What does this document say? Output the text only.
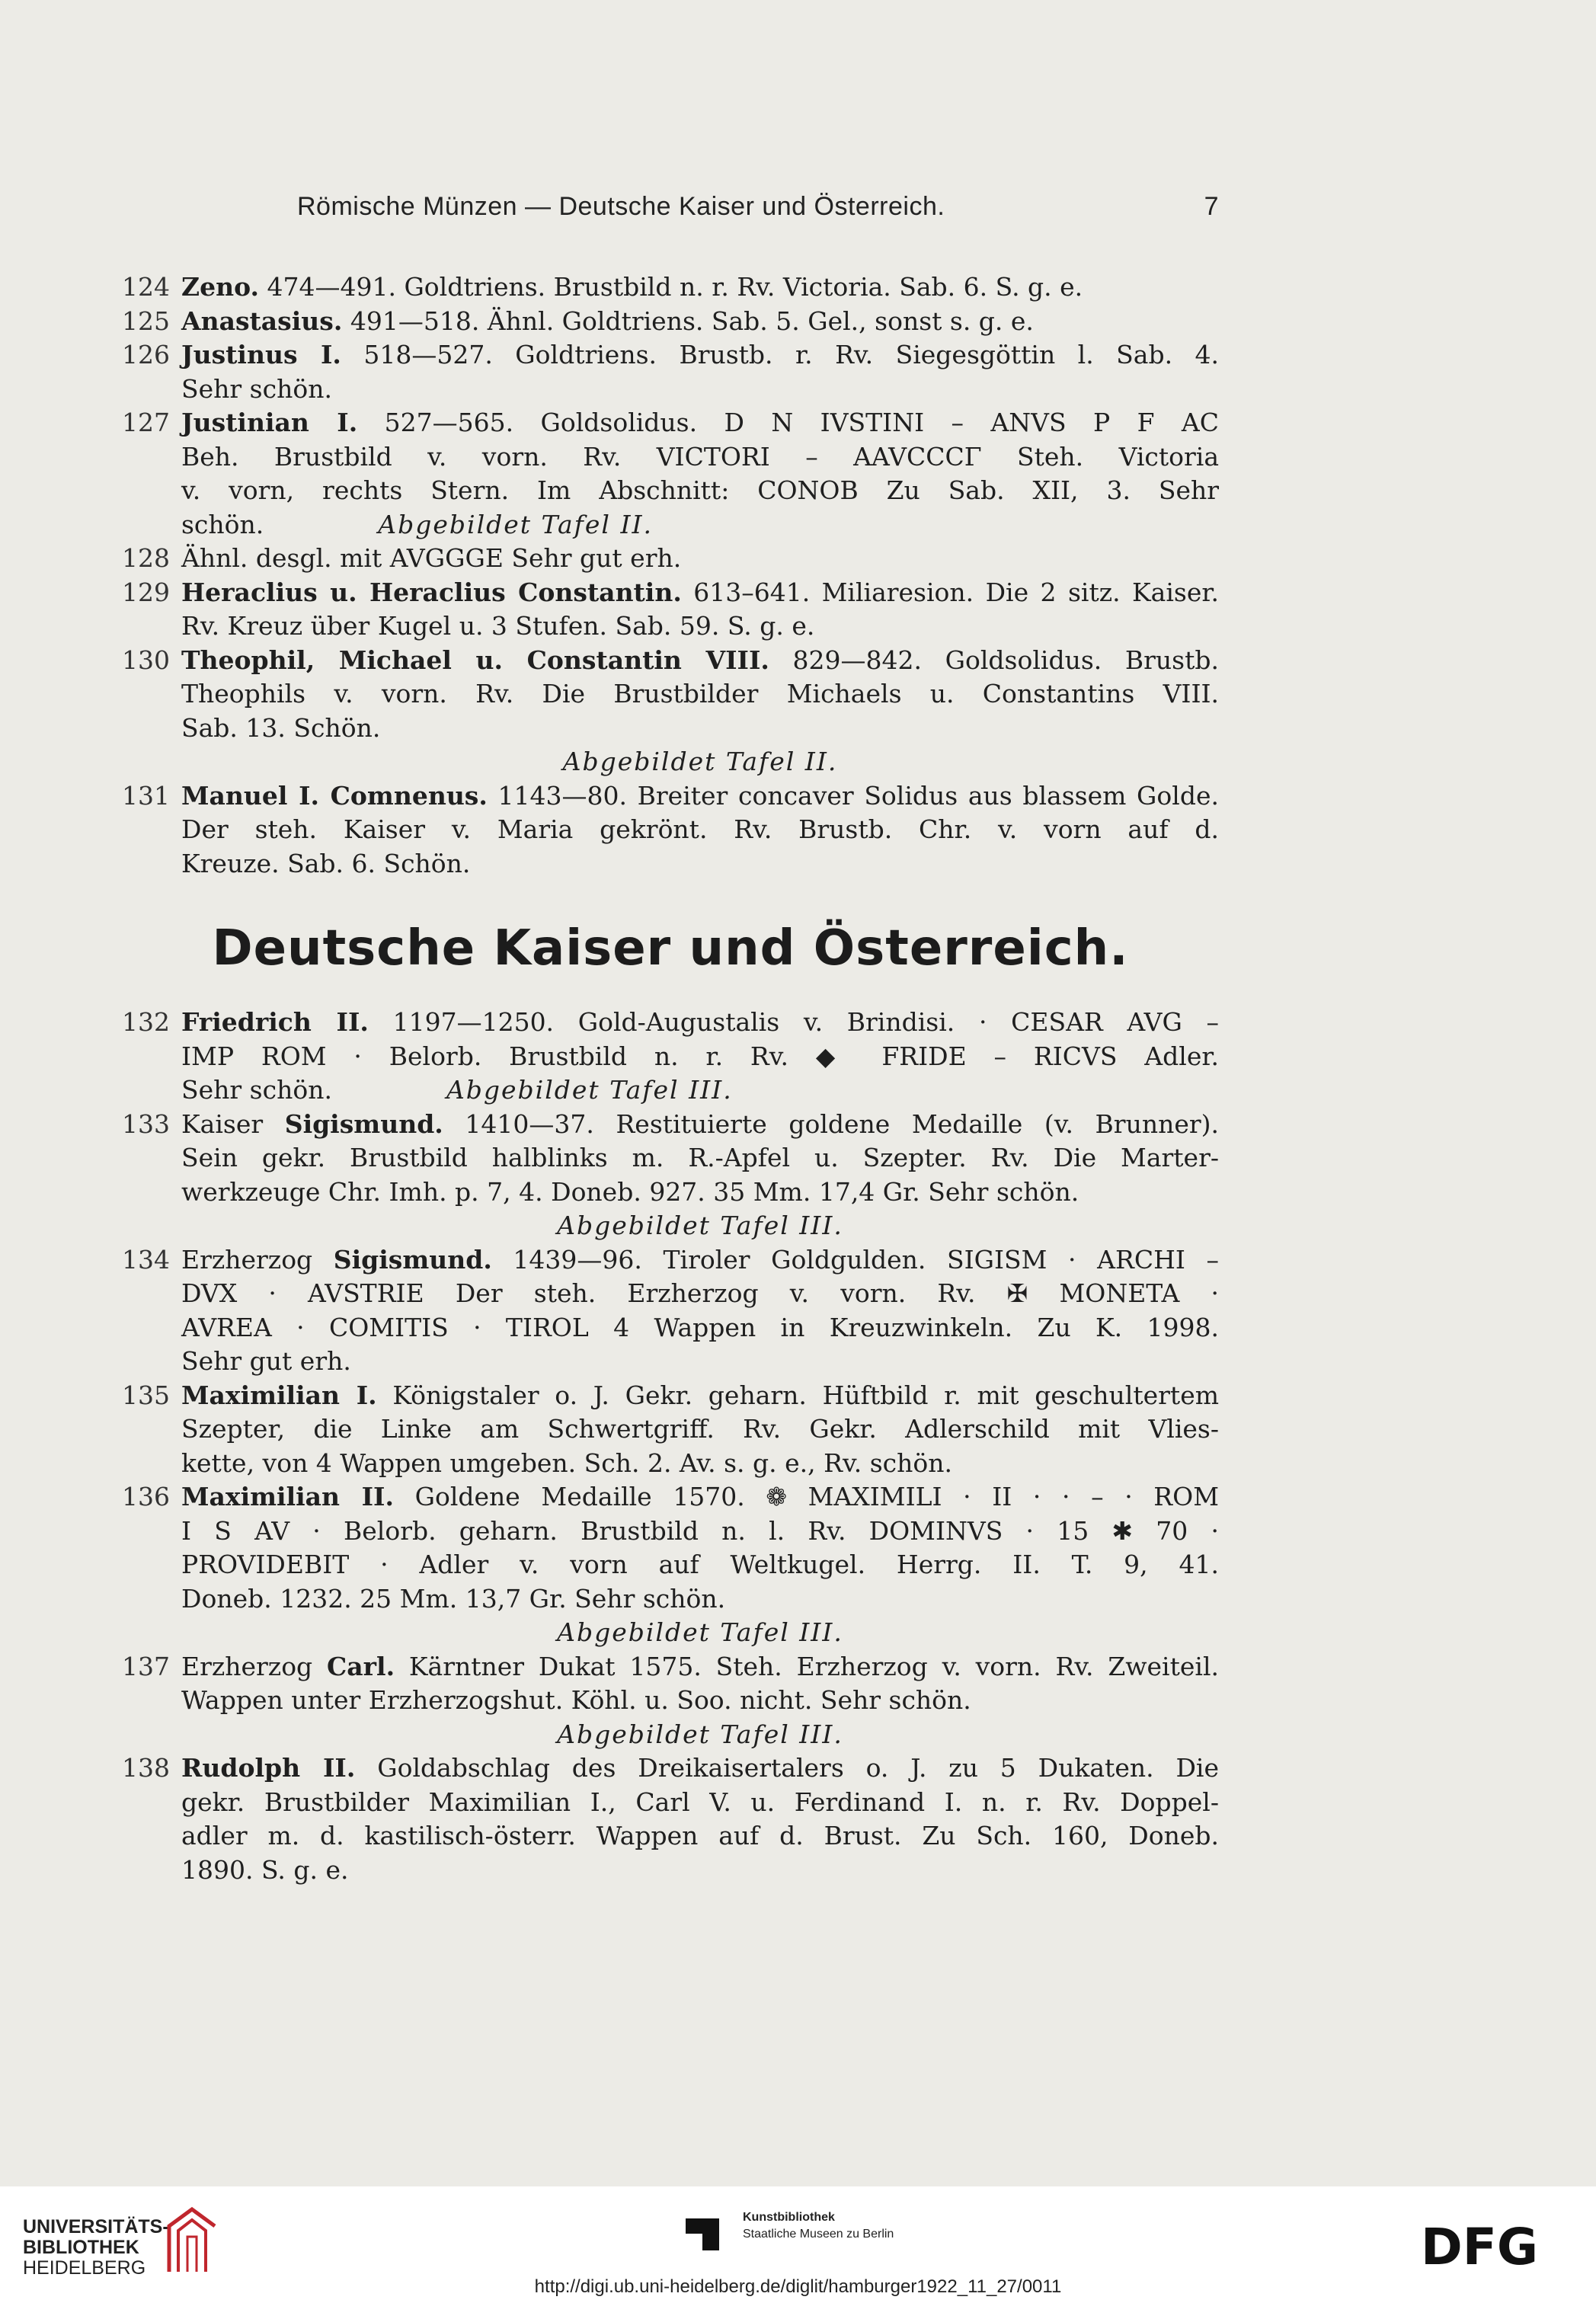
Römische Münzen — Deutsche Kaiser und Österreich.	7
124 Zeno. 474—491. Goldtriens. Brustbild n. r. Rv. Victoria. Sab. 6. S. g. e.
125 Anastasius. 491—518. Ähnl. Goldtriens. Sab. 5. Gel., sonst s. g. e.
126 Justinus I. 518—527. Goldtriens. Brustb. r. Rv. Siegesgöttin l. Sab. 4.
Sehr schön.
127 Justinian I. 527—565. Goldsolidus. D N IVSTINI – ANVS P F AC
Beh. Brustbild v. vorn. Rv. VICTORI – AAVCCCΓ Steh. Victoria
v. vorn, rechts Stern. Im Abschnitt: CONOB Zu Sab. XII, 3. Sehr
schön.	Abgebildet Tafel II.
128 Ähnl. desgl. mit AVGGGE Sehr gut erh.
129 Heraclius u. Heraclius Constantin. 613–641. Miliaresion. Die 2 sitz. Kaiser.
Rv. Kreuz über Kugel u. 3 Stufen. Sab. 59. S. g. e.
130 Theophil, Michael u. Constantin VIII. 829—842. Goldsolidus. Brustb.
Theophils v. vorn. Rv. Die Brustbilder Michaels u. Constantins VIII.
Sab. 13. Schön.
Abgebildet Tafel II.
131 Manuel I. Comnenus. 1143—80. Breiter concaver Solidus aus blassem Golde.
Der steh. Kaiser v. Maria gekrönt. Rv. Brustb. Chr. v. vorn auf d.
Kreuze. Sab. 6. Schön.
Deutsche Kaiser und Österreich.
132 Friedrich II. 1197—1250. Gold-Augustalis v. Brindisi. · CESAR AVG –
IMP ROM · Belorb. Brustbild n. r. Rv. ◆ FRIDE – RICVS Adler.
Sehr schön.	Abgebildet Tafel III.
133 Kaiser Sigismund. 1410—37. Restituierte goldene Medaille (v. Brunner).
Sein gekr. Brustbild halblinks m. R.-Apfel u. Szepter. Rv. Die Marter-
werkzeuge Chr. Imh. p. 7, 4. Doneb. 927. 35 Mm. 17,4 Gr. Sehr schön.
Abgebildet Tafel III.
134 Erzherzog Sigismund. 1439—96. Tiroler Goldgulden. SIGISM · ARCHI –
DVX · AVSTRIE Der steh. Erzherzog v. vorn. Rv. ✠ MONETA ·
AVREA · COMITIS · TIROL 4 Wappen in Kreuzwinkeln. Zu K. 1998.
Sehr gut erh.
135 Maximilian I. Königstaler o. J. Gekr. geharn. Hüftbild r. mit geschultertem
Szepter, die Linke am Schwertgriff. Rv. Gekr. Adlerschild mit Vlies-
kette, von 4 Wappen umgeben. Sch. 2. Av. s. g. e., Rv. schön.
136 Maximilian II. Goldene Medaille 1570. ❁ MAXIMILI · II · · – · ROM
I S AV · Belorb. geharn. Brustbild n. l. Rv. DOMINVS · 15 ✱ 70 ·
PROVIDEBIT · Adler v. vorn auf Weltkugel. Herrg. II. T. 9, 41.
Doneb. 1232. 25 Mm. 13,7 Gr. Sehr schön.
Abgebildet Tafel III.
137 Erzherzog Carl. Kärntner Dukat 1575. Steh. Erzherzog v. vorn. Rv. Zweiteil.
Wappen unter Erzherzogshut. Köhl. u. Soo. nicht. Sehr schön.
Abgebildet Tafel III.
138 Rudolph II. Goldabschlag des Dreikaisertalers o. J. zu 5 Dukaten. Die
gekr. Brustbilder Maximilian I., Carl V. u. Ferdinand I. n. r. Rv. Doppel-
adler m. d. kastilisch-österr. Wappen auf d. Brust. Zu Sch. 160, Doneb.
1890. S. g. e.
UNIVERSITÄTS-
BIBLIOTHEK
HEIDELBERG
Kunstbibliothek
Staatliche Museen zu Berlin	DFG
http://digi.ub.uni-heidelberg.de/diglit/hamburger1922_11_27/0011
